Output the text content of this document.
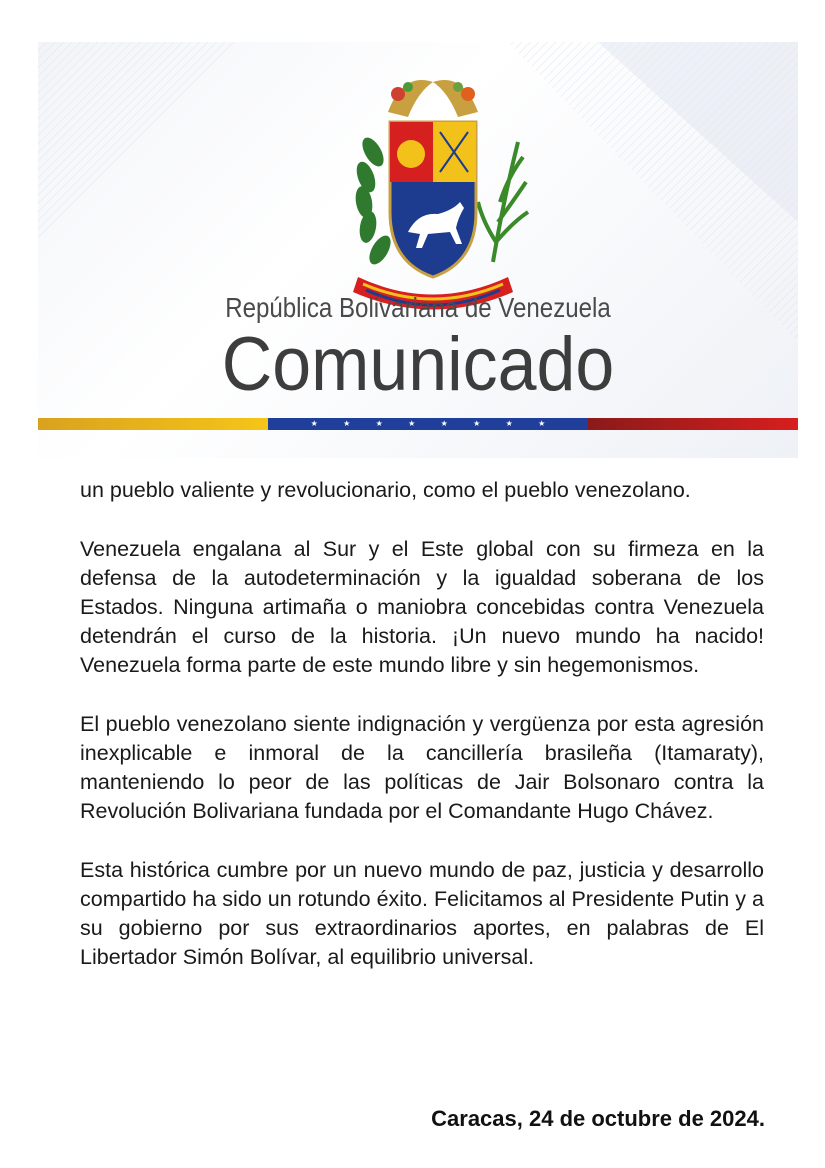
República Bolivariana de Venezuela
Comunicado
★	★	★	★	★	★	★	★

un pueblo valiente y revolucionario, como el pueblo venezolano.

Venezuela engalana al Sur y el Este global con su firmeza en la defensa de la autodeterminación y la igualdad soberana de los Estados. Ninguna artimaña o maniobra concebidas contra Venezuela detendrán el curso de la historia. ¡Un nuevo mundo ha nacido! Venezuela forma parte de este mundo libre y sin hegemonismos.

El pueblo venezolano siente indignación y vergüenza por esta agresión inexplicable e inmoral de la cancillería brasileña (Itamaraty), manteniendo lo peor de las políticas de Jair Bolsonaro contra la Revolución Bolivariana fundada por el Comandante Hugo Chávez.

Esta histórica cumbre por un nuevo mundo de paz, justicia y desarrollo compartido ha sido un rotundo éxito. Felicitamos al Presidente Putin y a su gobierno por sus extraordinarios aportes, en palabras de El Libertador Simón Bolívar, al equilibrio universal.

Caracas, 24 de octubre de 2024.
